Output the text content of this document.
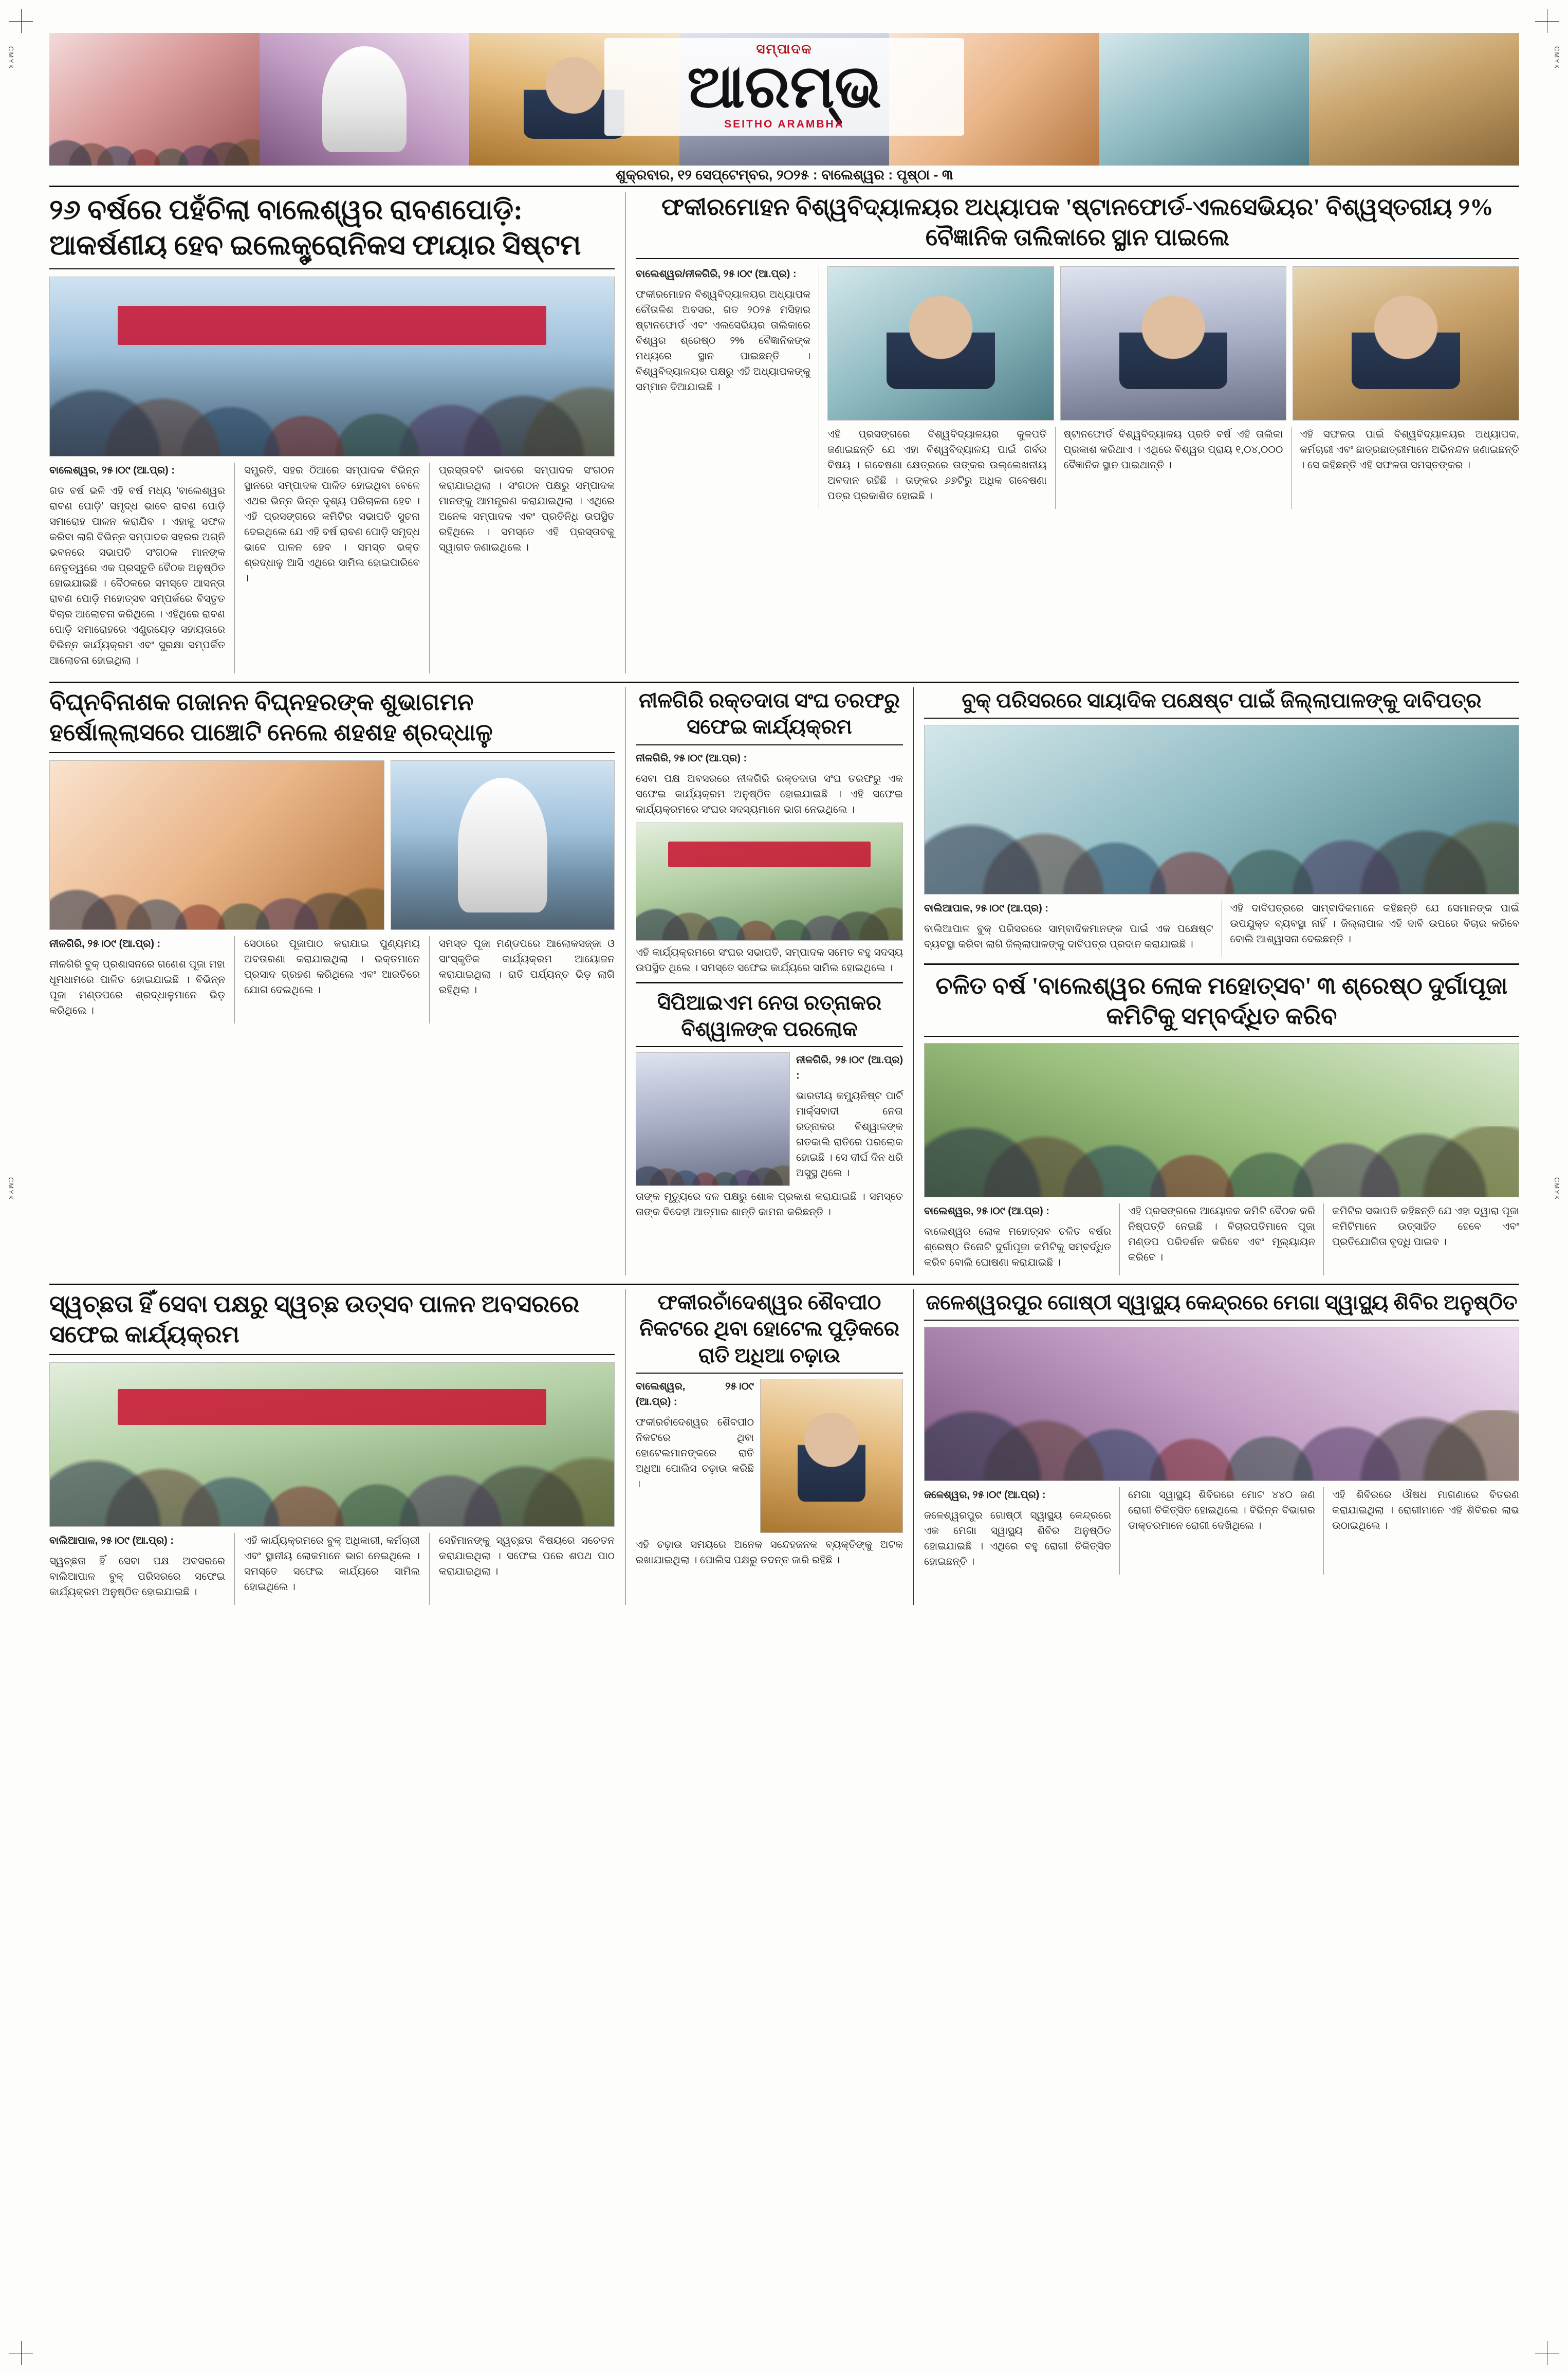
CMYK	CMYK
CMYK	CMYK
ସମ୍ପାଦକ
ଆରମ୍ଭ
SEITHO ARAMBHA
ଶୁକ୍ରବାର, ୧୨ ସେପ୍ଟେମ୍ବର, ୨୦୨୫ : ବାଲେଶ୍ୱର : ପୃଷ୍ଠା - ୩
୨୬ ବର୍ଷରେ ପହଁଚିଲା ବାଲେଶ୍ୱର ରାବଣପୋଡ଼ି: ଆକର୍ଷଣୀୟ ହେବ ଇଲେକ୍ଟ୍ରୋନିକସ ଫାୟାର ସିଷ୍ଟମ

ବାଲେଶ୍ୱର, ୨୫।୦୯ (ଆ.ପ୍ର) :

ଗତ ବର୍ଷ ଭଳି ଏହି ବର୍ଷ ମଧ୍ୟ 'ବାଲେଶ୍ୱର ରାବଣ ପୋଡ଼ି' ସମୃଦ୍ଧ ଭାବେ ରାବଣ ପୋଡ଼ି ସମାରୋହ ପାଳନ କରାଯିବ । ଏହାକୁ ସଫଳ କରିବା ଲାଗି ବିଭିନ୍ନ ସମ୍ପାଦକ ସହରର ଅଗ୍ନି ଭବନରେ ସଭାପତି ସଂଗଠକ ମାନଙ୍କ ନେତୃତ୍ୱରେ ଏକ ପ୍ରସ୍ତୁତି ବୈଠକ ଅନୁଷ୍ଠିତ ହୋଇଯାଇଛି । ବୈଠକରେ ସମସ୍ତେ ଆସନ୍ତା ରାବଣ ପୋଡ଼ି ମହୋତ୍ସବ ସମ୍ପର୍କରେ ବିସ୍ତୃତ ବିଚାର ଆଲୋଚନା କରିଥିଲେ । ଏହିଥିରେ ରାବଣ ପୋଡ଼ି ସମାରୋହରେ ଏଣ୍ଡ୍ରୟେଡ଼ ସହାୟତାରେ ବିଭିନ୍ନ କାର୍ଯ୍ୟକ୍ରମ ଏବଂ ସୁରକ୍ଷା ସମ୍ପର୍କିତ ଆଲୋଚନା ହୋଇଥିଲା ।

ସମ୍ପ୍ରତି, ସହର ଠିଆରେ ସମ୍ପାଦକ ବିଭିନ୍ନ ସ୍ଥାନରେ ସମ୍ପାଦକ ପାଳିତ ହୋଇଥିବା ବେଳେ ଏଥର ଭିନ୍ନ ଭିନ୍ନ ଦୃଶ୍ୟ ପରିଚାଳନା ହେବ । ଏହି ପ୍ରସଙ୍ଗରେ କମିଟିର ସଭାପତି ସୁଚନା ଦେଇଥିଲେ ଯେ ଏହି ବର୍ଷ ରାବଣ ପୋଡ଼ି ସମୃଦ୍ଧ ଭାବେ ପାଳନ ହେବ । ସମସ୍ତ ଭକ୍ତ ଶ୍ରଦ୍ଧାଳୁ ଆସି ଏଥିରେ ସାମିଲ ହୋଇପାରିବେ ।

ପ୍ରସ୍ତାବଟି ଭାବରେ ସମ୍ପାଦକ ସଂଗଠନ କରାଯାଇଥିଲା । ସଂଗଠନ ପକ୍ଷରୁ ସମ୍ପାଦକ ମାନଙ୍କୁ ଆମନ୍ତ୍ରଣ କରାଯାଇଥିଲା । ଏଥିରେ ଅନେକ ସମ୍ପାଦକ ଏବଂ ପ୍ରତିନିଧି ଉପସ୍ଥିତ ରହିଥିଲେ । ସମସ୍ତେ ଏହି ପ୍ରସ୍ତାବକୁ ସ୍ୱାଗତ ଜଣାଇଥିଲେ ।

ଫକୀରମୋହନ ବିଶ୍ୱବିଦ୍ୟାଳୟର ଅଧ୍ୟାପକ 'ଷ୍ଟାନଫୋର୍ଡ-ଏଲସେଭିୟର' ବିଶ୍ୱସ୍ତରୀୟ ୨% ବୈଜ୍ଞାନିକ ତାଲିକାରେ ସ୍ଥାନ ପାଇଲେ

ବାଲେଶ୍ୱର/ନୀଳଗିରି, ୨୫।୦୯ (ଆ.ପ୍ର) :

ଫକୀରମୋହନ ବିଶ୍ୱବିଦ୍ୟାଳୟର ଅଧ୍ୟାପକ ଚୌତାଳିଶ ଅବସର, ଗତ ୨୦୨୫ ମସିହାର ଷ୍ଟାନଫୋର୍ଡ ଏବଂ ଏଲସେଭିୟର ତାଲିକାରେ ବିଶ୍ୱର ଶ୍ରେଷ୍ଠ ୨% ବୈଜ୍ଞାନିକଙ୍କ ମଧ୍ୟରେ ସ୍ଥାନ ପାଇଛନ୍ତି । ବିଶ୍ୱବିଦ୍ୟାଳୟର ପକ୍ଷରୁ ଏହି ଅଧ୍ୟାପକଙ୍କୁ ସମ୍ମାନ ଦିଆଯାଇଛି ।

ଏହି ପ୍ରସଙ୍ଗରେ ବିଶ୍ୱବିଦ୍ୟାଳୟର କୁଳପତି ଜଣାଇଛନ୍ତି ଯେ ଏହା ବିଶ୍ୱବିଦ୍ୟାଳୟ ପାଇଁ ଗର୍ବର ବିଷୟ । ଗବେଷଣା କ୍ଷେତ୍ରରେ ତାଙ୍କର ଉଲ୍ଲେଖନୀୟ ଅବଦାନ ରହିଛି । ତାଙ୍କର ୬୭ଟିରୁ ଅଧିକ ଗବେଷଣା ପତ୍ର ପ୍ରକାଶିତ ହୋଇଛି ।

ଷ୍ଟାନଫୋର୍ଡ ବିଶ୍ୱବିଦ୍ୟାଳୟ ପ୍ରତି ବର୍ଷ ଏହି ତାଲିକା ପ୍ରକାଶ କରିଥାଏ । ଏଥିରେ ବିଶ୍ୱର ପ୍ରାୟ ୧,୦୪,୦୦୦ ବୈଜ୍ଞାନିକ ସ୍ଥାନ ପାଇଥାନ୍ତି ।

ଏହି ସଫଳତା ପାଇଁ ବିଶ୍ୱବିଦ୍ୟାଳୟର ଅଧ୍ୟାପକ, କର୍ମଚାରୀ ଏବଂ ଛାତ୍ରଛାତ୍ରୀମାନେ ଅଭିନନ୍ଦନ ଜଣାଇଛନ୍ତି । ସେ କହିଛନ୍ତି ଏହି ସଫଳତା ସମସ୍ତଙ୍କର ।

ବିଘ୍ନବିନାଶକ ଗଜାନନ ବିଘ୍ନହରଙ୍କ ଶୁଭାଗମନ ହର୍ଷୋଲ୍ଲାସରେ ପାଞ୍ଚୋଟି ନେଲେ ଶହଶହ ଶ୍ରଦ୍ଧାଳୁ

ନୀଳଗିରି, ୨୫।୦୯ (ଆ.ପ୍ର) :

ନୀଳଗିରି ବୁକ୍ ପ୍ରଶାସନରେ ଗଣେଶ ପୂଜା ମହା ଧୂମଧାମରେ ପାଳିତ ହୋଇଯାଇଛି । ବିଭିନ୍ନ ପୂଜା ମଣ୍ଡପରେ ଶ୍ରଦ୍ଧାଳୁମାନେ ଭିଡ଼ କରିଥିଲେ ।

ସେଠାରେ ପୂଜାପାଠ କରାଯାଇ ପୁଣ୍ୟମୟ ଅବତାରଣା କରାଯାଇଥିଲା । ଭକ୍ତମାନେ ପ୍ରସାଦ ଗ୍ରହଣ କରିଥିଲେ ଏବଂ ଆରତିରେ ଯୋଗ ଦେଇଥିଲେ ।

ସମସ୍ତ ପୂଜା ମଣ୍ଡପରେ ଆଲୋକସଜ୍ଜା ଓ ସାଂସ୍କୃତିକ କାର୍ଯ୍ୟକ୍ରମ ଆୟୋଜନ କରାଯାଇଥିଲା । ରାତି ପର୍ଯ୍ୟନ୍ତ ଭିଡ଼ ଲାଗି ରହିଥିଲା ।

ନୀଳଗିରି ରକ୍ତଦାତା ସଂଘ ତରଫରୁ ସଫେଇ କାର୍ଯ୍ୟକ୍ରମ

ନୀଳଗିରି, ୨୫।୦୯ (ଆ.ପ୍ର) :

ସେବା ପକ୍ଷ ଅବସରରେ ନୀଳଗିରି ରକ୍ତଦାତା ସଂଘ ତରଫରୁ ଏକ ସଫେଇ କାର୍ଯ୍ୟକ୍ରମ ଅନୁଷ୍ଠିତ ହୋଇଯାଇଛି । ଏହି ସଫେଇ କାର୍ଯ୍ୟକ୍ରମରେ ସଂଘର ସଦସ୍ୟମାନେ ଭାଗ ନେଇଥିଲେ ।

ଏହି କାର୍ଯ୍ୟକ୍ରମରେ ସଂଘର ସଭାପତି, ସମ୍ପାଦକ ସମେତ ବହୁ ସଦସ୍ୟ ଉପସ୍ଥିତ ଥିଲେ । ସମସ୍ତେ ସଫେଇ କାର୍ଯ୍ୟରେ ସାମିଲ ହୋଇଥିଲେ ।

ସିପିଆଇଏମ ନେତା ରତ୍ନାକର ବିଶ୍ୱାଳଙ୍କ ପରଲୋକ

ନୀଳଗିରି, ୨୫।୦୯ (ଆ.ପ୍ର) :

ଭାରତୀୟ କମ୍ୟୁନିଷ୍ଟ ପାର୍ଟି ମାର୍କ୍ସବାଦୀ ନେତା ରତ୍ନାକର ବିଶ୍ୱାଳଙ୍କ ଗତକାଲି ରାତିରେ ପରଲୋକ ହୋଇଛି । ସେ ଦୀର୍ଘ ଦିନ ଧରି ଅସୁସ୍ଥ ଥିଲେ ।

ତାଙ୍କ ମୃତ୍ୟୁରେ ଦଳ ପକ୍ଷରୁ ଶୋକ ପ୍ରକାଶ କରାଯାଇଛି । ସମସ୍ତେ ତାଙ୍କ ବିଦେହୀ ଆତ୍ମାର ଶାନ୍ତି କାମନା କରିଛନ୍ତି ।

ବୁକ୍ ପରିସରରେ ସାୟାଦିକ ପକ୍ଷେଷ୍ଟ ପାଇଁ ଜିଲ୍ଲାପାଳଙ୍କୁ ଦାବିପତ୍ର

ବାଲିଆପାଳ, ୨୫।୦୯ (ଆ.ପ୍ର) :

ବାଲିଆପାଳ ବୁକ୍ ପରିସରରେ ସାମ୍ବାଦିକମାନଙ୍କ ପାଇଁ ଏକ ପକ୍ଷେଷ୍ଟ ବ୍ୟବସ୍ଥା କରିବା ଲାଗି ଜିଲ୍ଲାପାଳଙ୍କୁ ଦାବିପତ୍ର ପ୍ରଦାନ କରାଯାଇଛି ।

ଏହି ଦାବିପତ୍ରରେ ସାମ୍ବାଦିକମାନେ କହିଛନ୍ତି ଯେ ସେମାନଙ୍କ ପାଇଁ ଉପଯୁକ୍ତ ବ୍ୟବସ୍ଥା ନାହିଁ । ଜିଲ୍ଲାପାଳ ଏହି ଦାବି ଉପରେ ବିଚାର କରିବେ ବୋଲି ଆଶ୍ୱାସନା ଦେଇଛନ୍ତି ।

ଚଳିତ ବର୍ଷ 'ବାଲେଶ୍ୱର ଲୋକ ମହୋତ୍ସବ' ୩ ଶ୍ରେଷ୍ଠ ଦୁର୍ଗାପୂଜା କମିଟିକୁ ସମ୍ବର୍ଦ୍ଧିତ କରିବ

ବାଲେଶ୍ୱର, ୨୫।୦୯ (ଆ.ପ୍ର) :

ବାଲେଶ୍ୱର ଲୋକ ମହୋତ୍ସବ ଚଳିତ ବର୍ଷର ଶ୍ରେଷ୍ଠ ତିନୋଟି ଦୁର୍ଗାପୂଜା କମିଟିକୁ ସମ୍ବର୍ଦ୍ଧିତ କରିବ ବୋଲି ଘୋଷଣା କରାଯାଇଛି ।

ଏହି ପ୍ରସଙ୍ଗରେ ଆୟୋଜକ କମିଟି ବୈଠକ କରି ନିଷ୍ପତ୍ତି ନେଇଛି । ବିଚାରପତିମାନେ ପୂଜା ମଣ୍ଡପ ପରିଦର୍ଶନ କରିବେ ଏବଂ ମୂଲ୍ୟାୟନ କରିବେ ।

କମିଟିର ସଭାପତି କହିଛନ୍ତି ଯେ ଏହା ଦ୍ୱାରା ପୂଜା କମିଟିମାନେ ଉତ୍ସାହିତ ହେବେ ଏବଂ ପ୍ରତିଯୋଗିତା ବୃଦ୍ଧି ପାଇବ ।

ସ୍ୱଚ୍ଛତା ହିଁ ସେବା ପକ୍ଷରୁ ସ୍ୱଚ୍ଛ ଉତ୍ସବ ପାଳନ ଅବସରରେ ସଫେଇ କାର୍ଯ୍ୟକ୍ରମ

ବାଲିଆପାଳ, ୨୫।୦୯ (ଆ.ପ୍ର) :

ସ୍ୱଚ୍ଛତା ହିଁ ସେବା ପକ୍ଷ ଅବସରରେ ବାଲିଆପାଳ ବୁକ୍ ପରିସରରେ ସଫେଇ କାର୍ଯ୍ୟକ୍ରମ ଅନୁଷ୍ଠିତ ହୋଇଯାଇଛି ।

ଏହି କାର୍ଯ୍ୟକ୍ରମରେ ବୁକ୍ ଅଧିକାରୀ, କର୍ମଚାରୀ ଏବଂ ସ୍ଥାନୀୟ ଲୋକମାନେ ଭାଗ ନେଇଥିଲେ । ସମସ୍ତେ ସଫେଇ କାର୍ଯ୍ୟରେ ସାମିଲ ହୋଇଥିଲେ ।

ସେହିମାନଙ୍କୁ ସ୍ୱଚ୍ଛତା ବିଷୟରେ ସଚେତନ କରାଯାଇଥିଲା । ସଫେଇ ପରେ ଶପଥ ପାଠ କରାଯାଇଥିଲା ।

ଫକୀରଚାଁଦେଶ୍ୱର ଶୈବପୀଠ ନିକଟରେ ଥିବା ହୋଟେଲ ପୁଡ଼ିକରେ ରାତି ଅଧିଆ ଚଢ଼ାଉ

ବାଲେଶ୍ୱର, ୨୫।୦୯ (ଆ.ପ୍ର) :

ଫକୀରଚାଁଦେଶ୍ୱର ଶୈବପୀଠ ନିକଟରେ ଥିବା ହୋଟେଲମାନଙ୍କରେ ରାତି ଅଧିଆ ପୋଲିସ ଚଢ଼ାଉ କରିଛି ।

ଏହି ଚଢ଼ାଉ ସମୟରେ ଅନେକ ସନ୍ଦେହଜନକ ବ୍ୟକ୍ତିଙ୍କୁ ଅଟକ ରଖାଯାଇଥିଲା । ପୋଲିସ ପକ୍ଷରୁ ତଦନ୍ତ ଜାରି ରହିଛି ।

ଜଳେଶ୍ୱରପୁର ଗୋଷ୍ଠୀ ସ୍ୱାସ୍ଥ୍ୟ କେନ୍ଦ୍ରରେ ମେଗା ସ୍ୱାସ୍ଥ୍ୟ ଶିବିର ଅନୁଷ୍ଠିତ

ଜଳେଶ୍ୱର, ୨୫।୦୯ (ଆ.ପ୍ର) :

ଜଳେଶ୍ୱରପୁର ଗୋଷ୍ଠୀ ସ୍ୱାସ୍ଥ୍ୟ କେନ୍ଦ୍ରରେ ଏକ ମେଗା ସ୍ୱାସ୍ଥ୍ୟ ଶିବିର ଅନୁଷ୍ଠିତ ହୋଇଯାଇଛି । ଏଥିରେ ବହୁ ରୋଗୀ ଚିକିତ୍ସିତ ହୋଇଛନ୍ତି ।

ମେଗା ସ୍ୱାସ୍ଥ୍ୟ ଶିବିରରେ ମୋଟ ୪୪୦ ଜଣ ରୋଗୀ ଚିକିତ୍ସିତ ହୋଇଥିଲେ । ବିଭିନ୍ନ ବିଭାଗର ଡାକ୍ତରମାନେ ରୋଗୀ ଦେଖିଥିଲେ ।

ଏହି ଶିବିରରେ ଔଷଧ ମାଗଣାରେ ବିତରଣ କରାଯାଇଥିଲା । ରୋଗୀମାନେ ଏହି ଶିବିରର ଲାଭ ଉଠାଇଥିଲେ ।
